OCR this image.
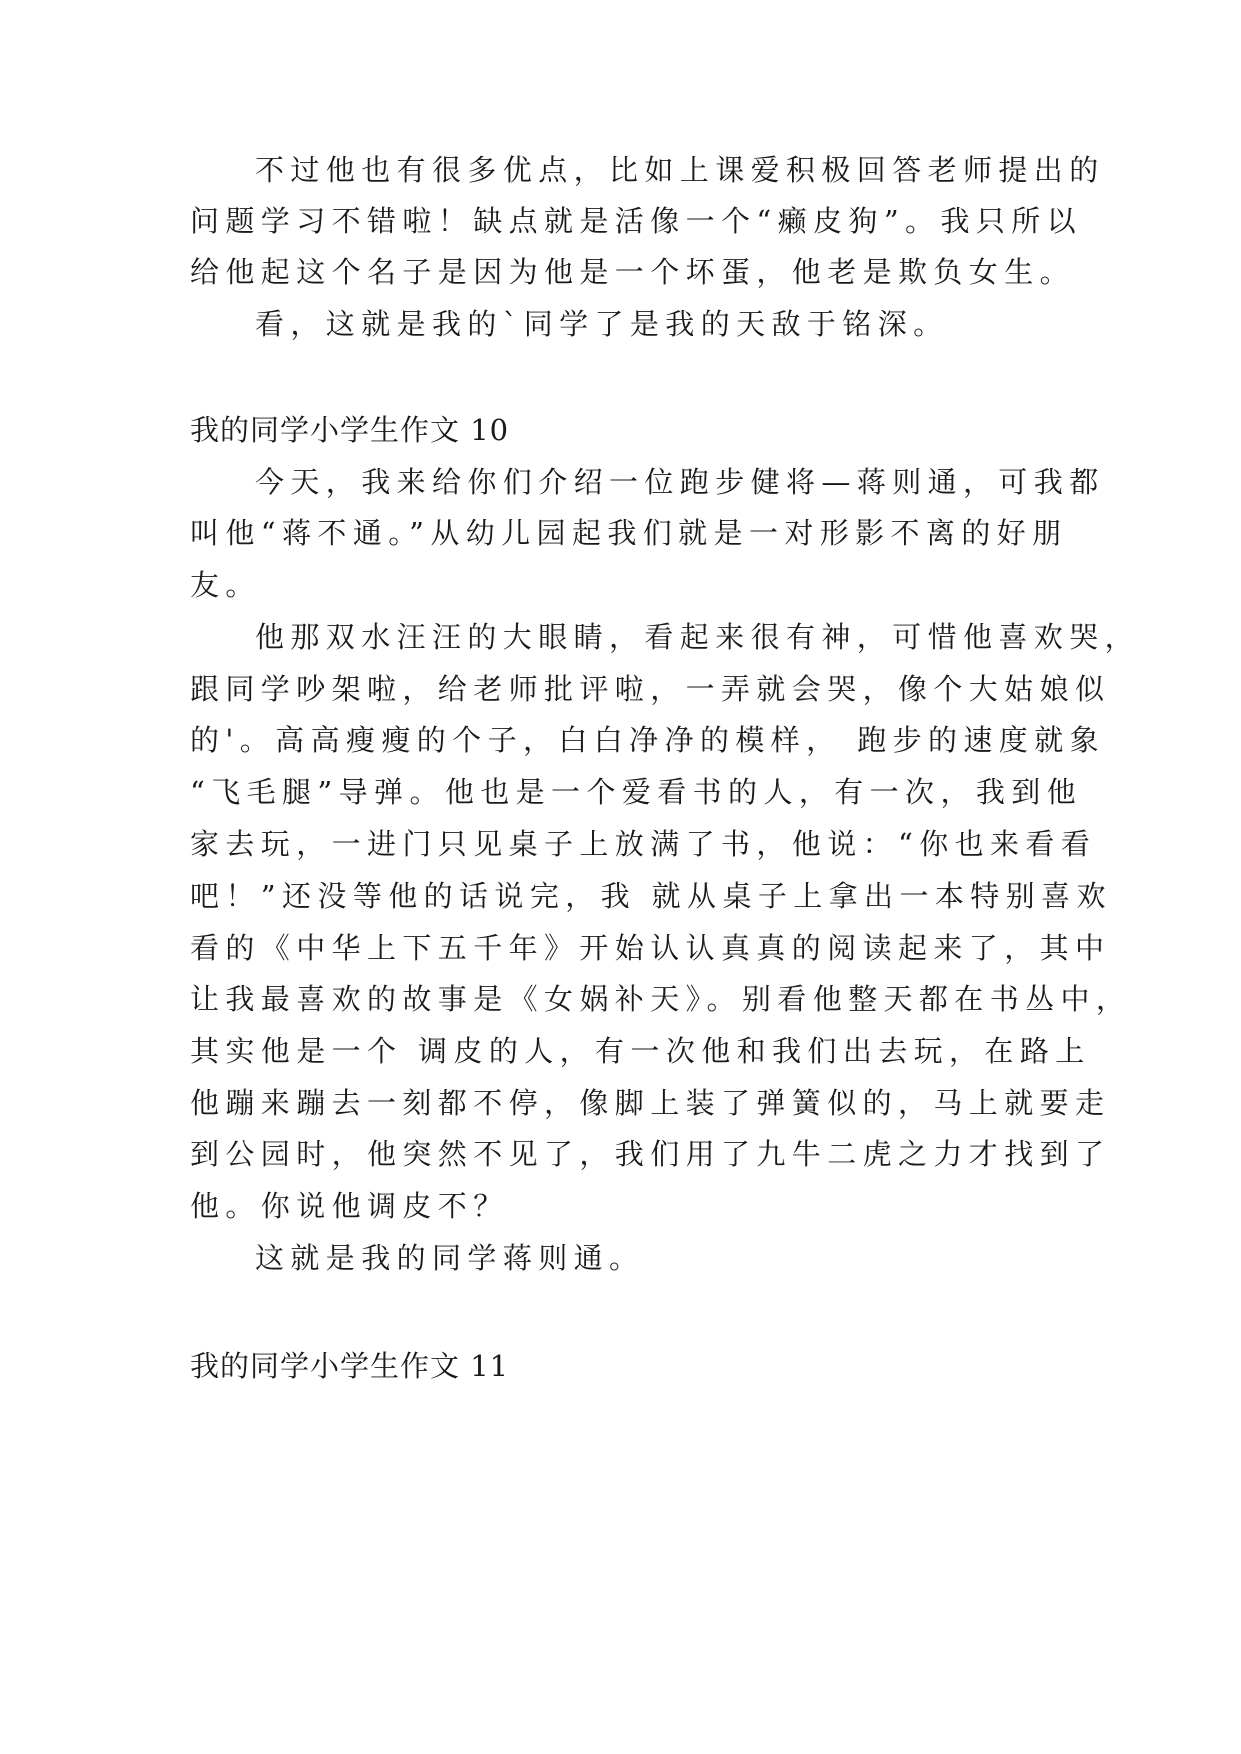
不过他也有很多优点，比如上课爱积极回答老师提出的
问题学习不错啦！缺点就是活像一个“癞皮狗”。我只所以
给他起这个名子是因为他是一个坏蛋，他老是欺负女生。
看，这就是我的`同学了是我的天敌于铭深。
我的同学小学生作文 10
今天，我来给你们介绍一位跑步健将—蒋则通，可我都
叫他“蒋不通。”从幼儿园起我们就是一对形影不离的好朋
友。
他那双水汪汪的大眼睛，看起来很有神，可惜他喜欢哭，
跟同学吵架啦，给老师批评啦，一弄就会哭，像个大姑娘似
的'。高高瘦瘦的个子，白白净净的模样， 跑步的速度就象
“飞毛腿”导弹。他也是一个爱看书的人，有一次，我到他
家去玩，一进门只见桌子上放满了书，他说：“你也来看看
吧！”还没等他的话说完，我 就从桌子上拿出一本特别喜欢
看的《中华上下五千年》开始认认真真的阅读起来了，其中
让我最喜欢的故事是《女娲补天》。别看他整天都在书丛中，
其实他是一个 调皮的人，有一次他和我们出去玩，在路上
他蹦来蹦去一刻都不停，像脚上装了弹簧似的，马上就要走
到公园时，他突然不见了，我们用了九牛二虎之力才找到了
他。你说他调皮不？
这就是我的同学蒋则通。
我的同学小学生作文 11
